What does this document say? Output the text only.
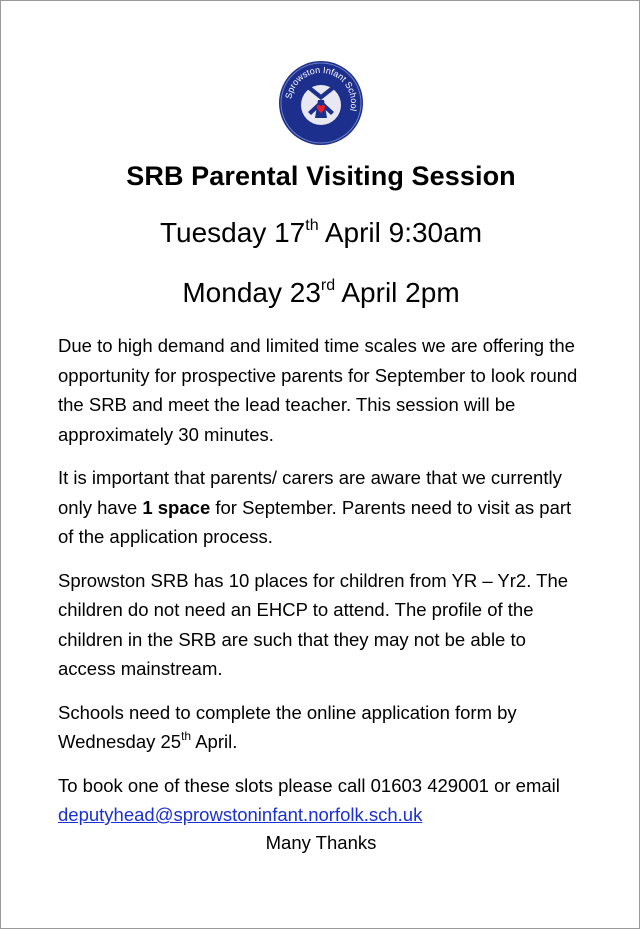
Sprowston Infant School
SRB Parental Visiting Session
Tuesday 17th April 9:30am
Monday 23rd April 2pm

Due to high demand and limited time scales we are offering the opportunity for prospective parents for September to look round the SRB and meet the lead teacher. This session will be approximately 30 minutes.

It is important that parents/ carers are aware that we currently only have 1 space for September. Parents need to visit as part of the application process.

Sprowston SRB has 10 places for children from YR – Yr2. The children do not need an EHCP to attend. The profile of the children in the SRB are such that they may not be able to access mainstream.

Schools need to complete the online application form by Wednesday 25th April.

To book one of these slots please call 01603 429001 or email
deputyhead@sprowstoninfant.norfolk.sch.uk

Many Thanks
